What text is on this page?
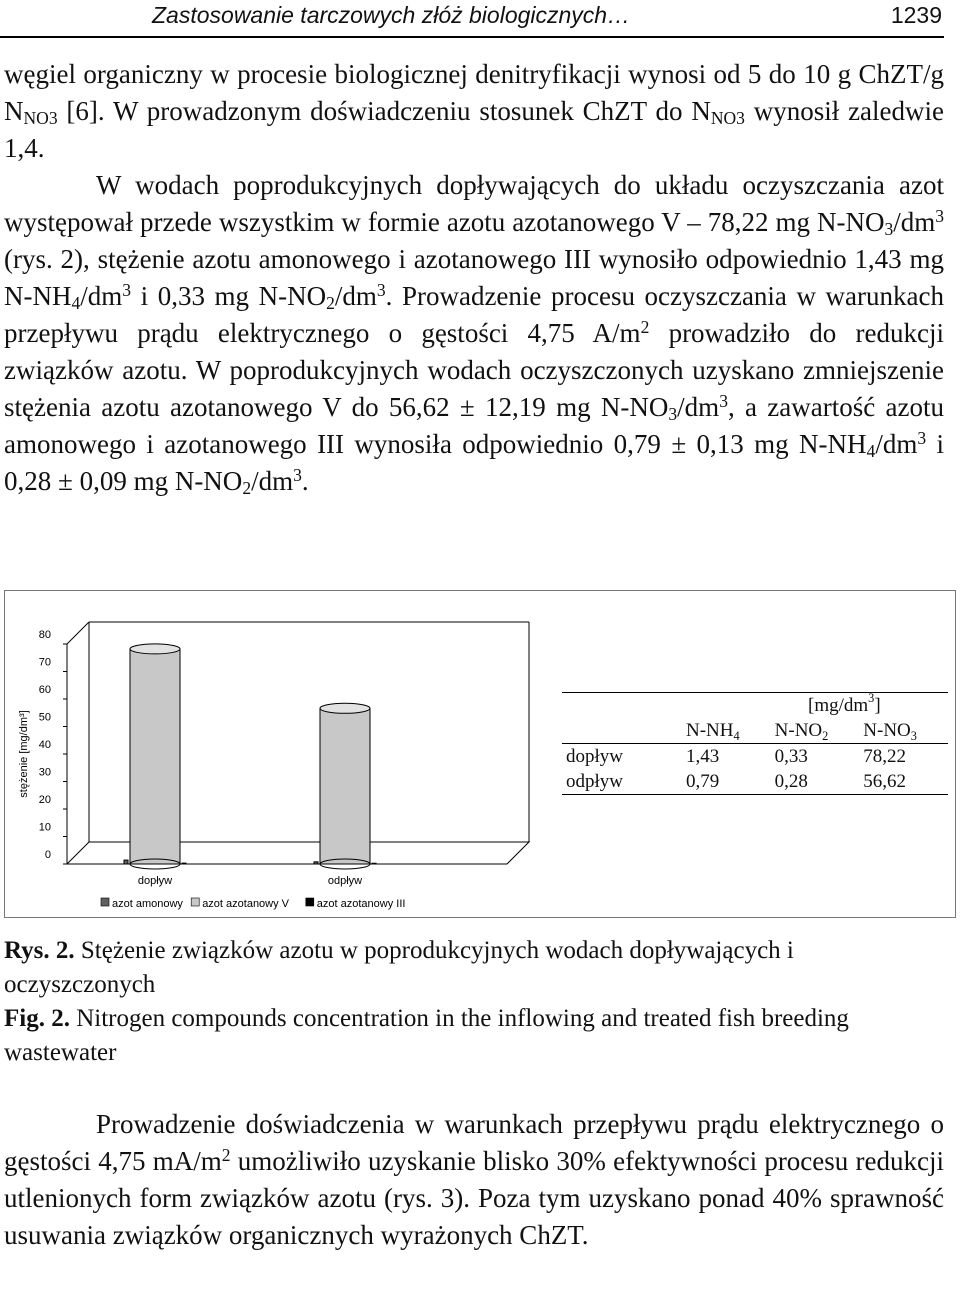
Zastosowanie tarczowych złóż biologicznych…	1239

węgiel organiczny w procesie biologicznej denitryfikacji wynosi od 5 do 10 g ChZT/g $N_{NO3}$ [6]. W prowadzonym doświadczeniu stosunek ChZT do $N_{NO3}$ wynosił zaledwie 1,4.

W wodach poprodukcyjnych dopływających do układu oczyszczania azot występował przede wszystkim w formie azotu azotanowego V – 78,22 mg $N-NO_3/dm^3$ (rys. 2), stężenie azotu amonowego i azotanowego III wynosiło odpowiednio 1,43 mg $N-NH_4/dm^3$ i 0,33 mg $N-NO_2/dm^3$. Prowadzenie procesu oczyszczania w warunkach przepływu prądu elektrycznego o gęstości 4,75 $A/m^2$ prowadziło do redukcji związków azotu. W poprodukcyjnych wodach oczyszczonych uzyskano zmniejszenie stężenia azotu azotanowego V do 56,62 ± 12,19 mg $N-NO_3/dm^3$, a zawartość azotu amonowego i azotanowego III wynosiła odpowiednio 0,79 ± 0,13 mg $N-NH_4/dm^3$ i 0,28 ± 0,09 mg $N-NO_2/dm^3$.

0
10
20
30
40
50
60
70
80
stężenie [mg/dm³]
dopływ	odpływ
azot amonowy azot azotanowy V	azot azotanowy III
	$[mg/dm^3]$		
	$N-NH_4$	$N-NO_2$	$N-NO_3$
dopływ	1,43	0,33	78,22
odpływ	0,79	0,28	56,62

Rys. 2. Stężenie związków azotu w poprodukcyjnych wodach dopływających i oczyszczonych

Fig. 2. Nitrogen compounds concentration in the inflowing and treated fish breeding wastewater

Prowadzenie doświadczenia w warunkach przepływu prądu elektrycznego o gęstości 4,75 $mA/m^2$ umożliwiło uzyskanie blisko 30% efektywności procesu redukcji utlenionych form związków azotu (rys. 3). Poza tym uzyskano ponad 40% sprawność usuwania związków organicznych wyrażonych ChZT.
